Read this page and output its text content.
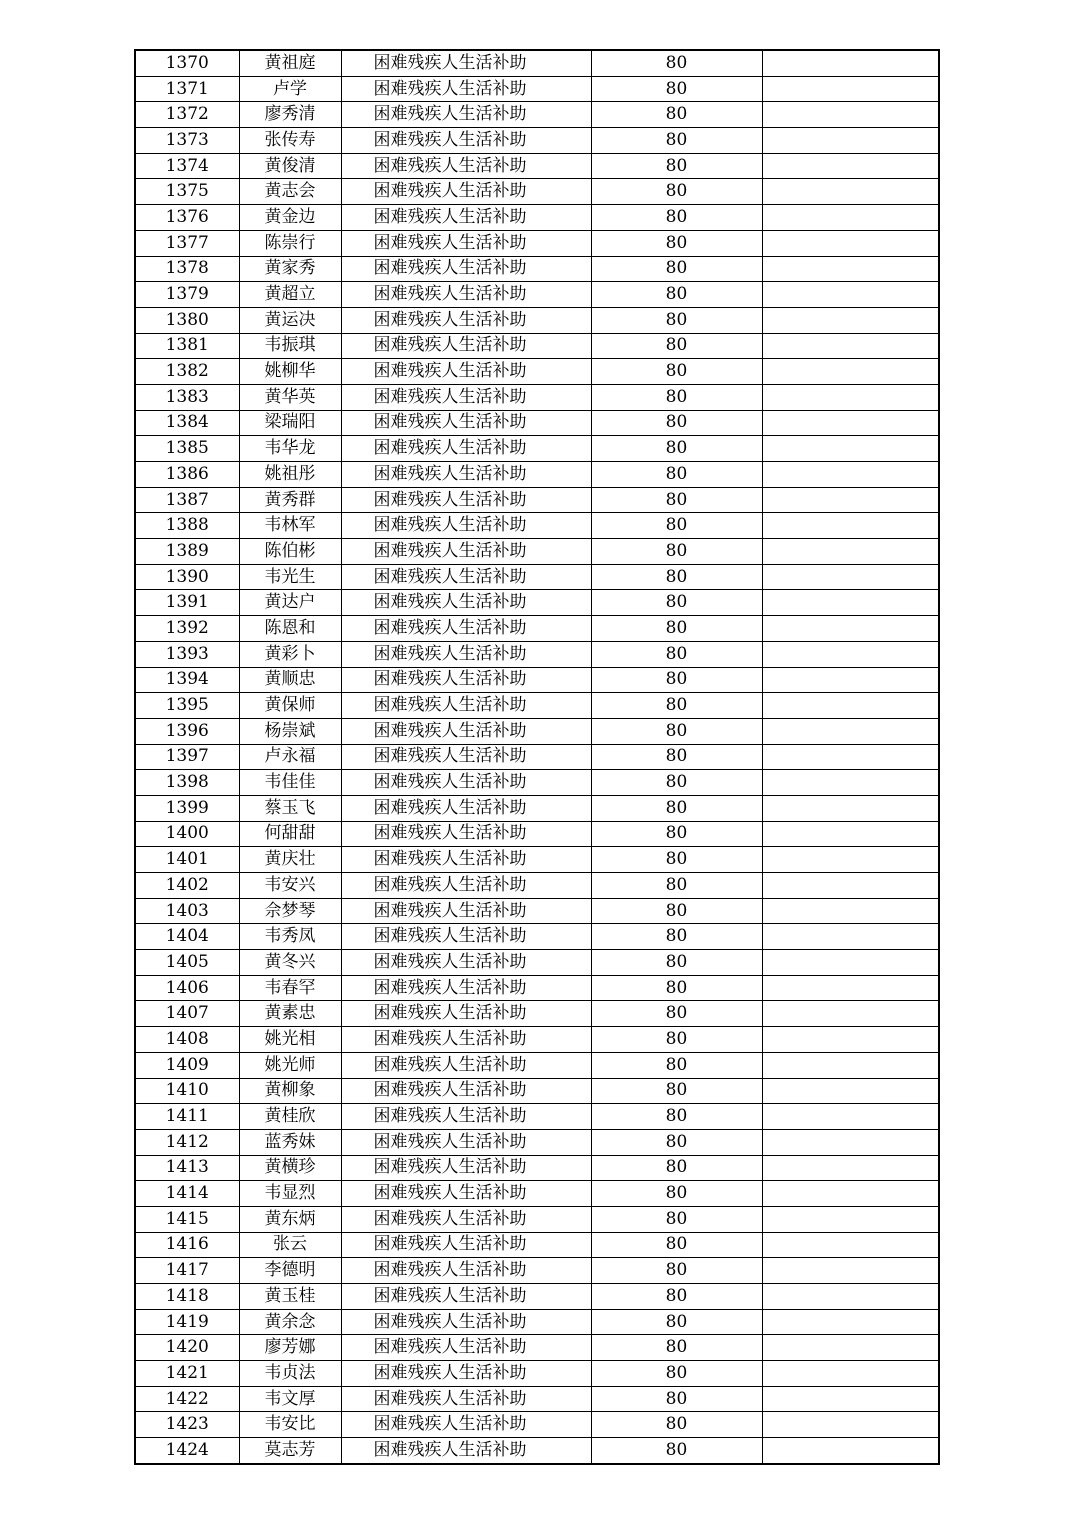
1370	黄祖庭	困难残疾人生活补助	80	
1371	卢学	困难残疾人生活补助	80	
1372	廖秀清	困难残疾人生活补助	80	
1373	张传寿	困难残疾人生活补助	80	
1374	黄俊清	困难残疾人生活补助	80	
1375	黄志会	困难残疾人生活补助	80	
1376	黄金边	困难残疾人生活补助	80	
1377	陈崇行	困难残疾人生活补助	80	
1378	黄家秀	困难残疾人生活补助	80	
1379	黄超立	困难残疾人生活补助	80	
1380	黄运决	困难残疾人生活补助	80	
1381	韦振琪	困难残疾人生活补助	80	
1382	姚柳华	困难残疾人生活补助	80	
1383	黄华英	困难残疾人生活补助	80	
1384	梁瑞阳	困难残疾人生活补助	80	
1385	韦华龙	困难残疾人生活补助	80	
1386	姚祖彤	困难残疾人生活补助	80	
1387	黄秀群	困难残疾人生活补助	80	
1388	韦林军	困难残疾人生活补助	80	
1389	陈伯彬	困难残疾人生活补助	80	
1390	韦光生	困难残疾人生活补助	80	
1391	黄达户	困难残疾人生活补助	80	
1392	陈恩和	困难残疾人生活补助	80	
1393	黄彩卜	困难残疾人生活补助	80	
1394	黄顺忠	困难残疾人生活补助	80	
1395	黄保师	困难残疾人生活补助	80	
1396	杨崇斌	困难残疾人生活补助	80	
1397	卢永福	困难残疾人生活补助	80	
1398	韦佳佳	困难残疾人生活补助	80	
1399	蔡玉飞	困难残疾人生活补助	80	
1400	何甜甜	困难残疾人生活补助	80	
1401	黄庆壮	困难残疾人生活补助	80	
1402	韦安兴	困难残疾人生活补助	80	
1403	佘梦琴	困难残疾人生活补助	80	
1404	韦秀凤	困难残疾人生活补助	80	
1405	黄冬兴	困难残疾人生活补助	80	
1406	韦春罕	困难残疾人生活补助	80	
1407	黄素忠	困难残疾人生活补助	80	
1408	姚光相	困难残疾人生活补助	80	
1409	姚光师	困难残疾人生活补助	80	
1410	黄柳象	困难残疾人生活补助	80	
1411	黄桂欣	困难残疾人生活补助	80	
1412	蓝秀妹	困难残疾人生活补助	80	
1413	黄横珍	困难残疾人生活补助	80	
1414	韦显烈	困难残疾人生活补助	80	
1415	黄东炳	困难残疾人生活补助	80	
1416	张云	困难残疾人生活补助	80	
1417	李德明	困难残疾人生活补助	80	
1418	黄玉桂	困难残疾人生活补助	80	
1419	黄余念	困难残疾人生活补助	80	
1420	廖芳娜	困难残疾人生活补助	80	
1421	韦贞法	困难残疾人生活补助	80	
1422	韦文厚	困难残疾人生活补助	80	
1423	韦安比	困难残疾人生活补助	80	
1424	莫志芳	困难残疾人生活补助	80	
